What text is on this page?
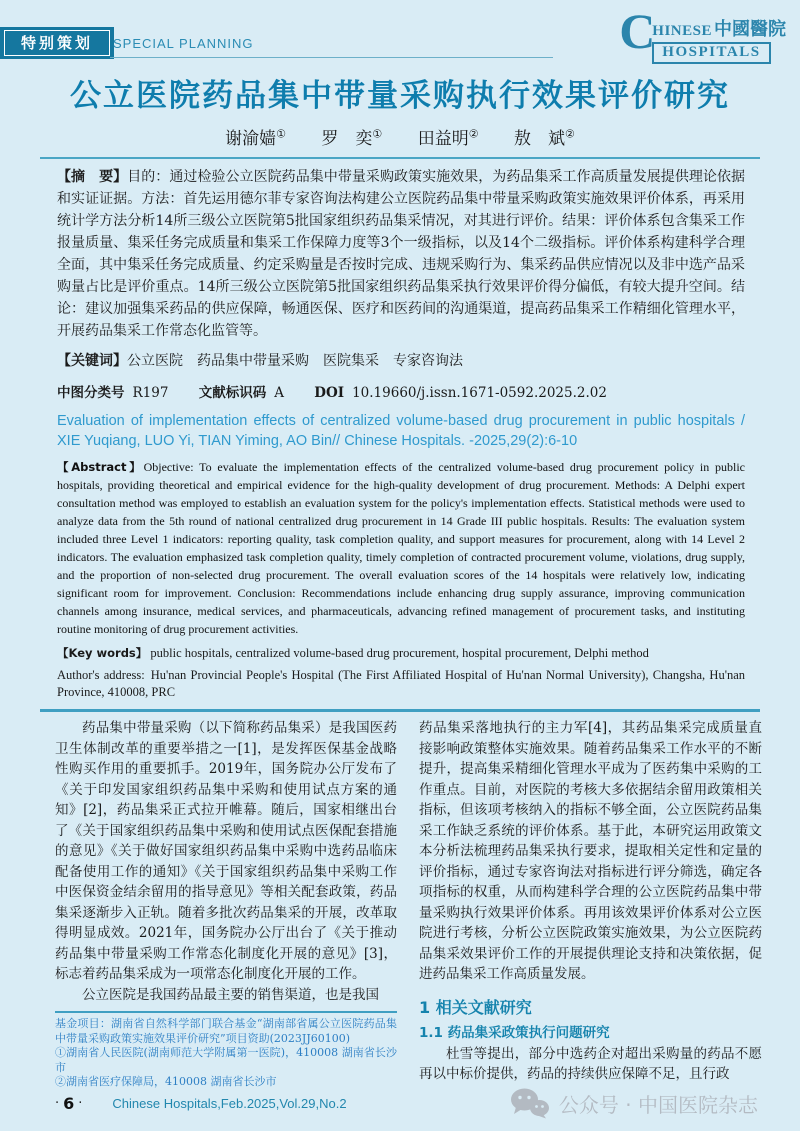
特别策划	SPECIAL PLANNING	C
HINESE 中國醫院
HOSPITALS
公立医院药品集中带量采购执行效果评价研究
谢渝嫱① 罗　奕① 田益明② 敖　斌②

【摘　要】目的：通过检验公立医院药品集中带量采购政策实施效果，为药品集采工作高质量发展提供理论依据和实证证据。方法：首先运用德尔菲专家咨询法构建公立医院药品集中带量采购政策实施效果评价体系，再采用统计学方法分析14所三级公立医院第5批国家组织药品集采情况，对其进行评价。结果：评价体系包含集采工作报量质量、集采任务完成质量和集采工作保障力度等3个一级指标，以及14个二级指标。评价体系构建科学合理全面，其中集采任务完成质量、约定采购量是否按时完成、违规采购行为、集采药品供应情况以及非中选产品采购量占比是评价重点。14所三级公立医院第5批国家组织药品集采执行效果评价得分偏低，有较大提升空间。结论：建议加强集采药品的供应保障，畅通医保、医疗和医药间的沟通渠道，提高药品集采工作精细化管理水平，开展药品集采工作常态化监管等。

【关键词】公立医院　药品集中带量采购　医院集采　专家咨询法

中图分类号 R197 文献标识码 A DOI 10.19660/j.issn.1671-0592.2025.2.02

Evaluation of implementation effects of centralized volume-based drug procurement in public hospitals / XIE Yuqiang, LUO Yi, TIAN Yiming, AO Bin// Chinese Hospitals. -2025,29(2):6-10

【Abstract】Objective: To evaluate the implementation effects of the centralized volume-based drug procurement policy in public hospitals, providing theoretical and empirical evidence for the high-quality development of drug procurement. Methods: A Delphi expert consultation method was employed to establish an evaluation system for the policy's implementation effects. Statistical methods were used to analyze data from the 5th round of national centralized drug procurement in 14 Grade III public hospitals. Results: The evaluation system included three Level 1 indicators: reporting quality, task completion quality, and support measures for procurement, along with 14 Level 2 indicators. The evaluation emphasized task completion quality, timely completion of contracted procurement volume, violations, drug supply, and the proportion of non-selected drug procurement. The overall evaluation scores of the 14 hospitals were relatively low, indicating significant room for improvement. Conclusion: Recommendations include enhancing drug supply assurance, improving communication channels among insurance, medical services, and pharmaceuticals, advancing refined management of procurement tasks, and instituting routine monitoring of drug procurement activities.

【Key words】 public hospitals, centralized volume-based drug procurement, hospital procurement, Delphi method

Author's address: Hu'nan Provincial People's Hospital (The First Affiliated Hospital of Hu'nan Normal University), Changsha, Hu'nan Province, 410008, PRC

药品集中带量采购（以下简称药品集采）是我国医药卫生体制改革的重要举措之一[1]，是发挥医保基金战略性购买作用的重要抓手。2019年，国务院办公厅发布了《关于印发国家组织药品集中采购和使用试点方案的通知》[2]，药品集采正式拉开帷幕。随后，国家相继出台了《关于国家组织药品集中采购和使用试点医保配套措施的意见》《关于做好国家组织药品集中采购中选药品临床配备使用工作的通知》《关于国家组织药品集中采购工作中医保资金结余留用的指导意见》等相关配套政策，药品集采逐渐步入正轨。随着多批次药品集采的开展，改革取得明显成效。2021年，国务院办公厅出台了《关于推动药品集中带量采购工作常态化制度化开展的意见》[3]，标志着药品集采成为一项常态化制度化开展的工作。

公立医院是我国药品最主要的销售渠道，也是我国

基金项目：湖南省自然科学部门联合基金“湖南部省属公立医院药品集中带量采购政策实施效果评价研究”项目资助(2023JJ60100)
①湖南省人民医院(湖南师范大学附属第一医院)，410008 湖南省长沙市
②湖南省医疗保障局，410008 湖南省长沙市

药品集采落地执行的主力军[4]，其药品集采完成质量直接影响政策整体实施效果。随着药品集采工作水平的不断提升，提高集采精细化管理水平成为了医药集中采购的工作重点。目前，对医院的考核大多依据结余留用政策相关指标，但该项考核纳入的指标不够全面，公立医院药品集采工作缺乏系统的评价体系。基于此，本研究运用政策文本分析法梳理药品集采执行要求，提取相关定性和定量的评价指标，通过专家咨询法对指标进行评分筛选，确定各项指标的权重，从而构建科学合理的公立医院药品集中带量采购执行效果评价体系。再用该效果评价体系对公立医院进行考核，分析公立医院政策实施效果，为公立医院药品集采效果评价工作的开展提供理论支持和决策依据，促进药品集采工作高质量发展。

1 相关文献研究
1.1 药品集采政策执行问题研究

杜雪等提出，部分中选药企对超出采购量的药品不愿再以中标价提供，药品的持续供应保障不足，且行政

· 6 · Chinese Hospitals,Feb.2025,Vol.29,No.2	公众号 · 中国医院杂志
